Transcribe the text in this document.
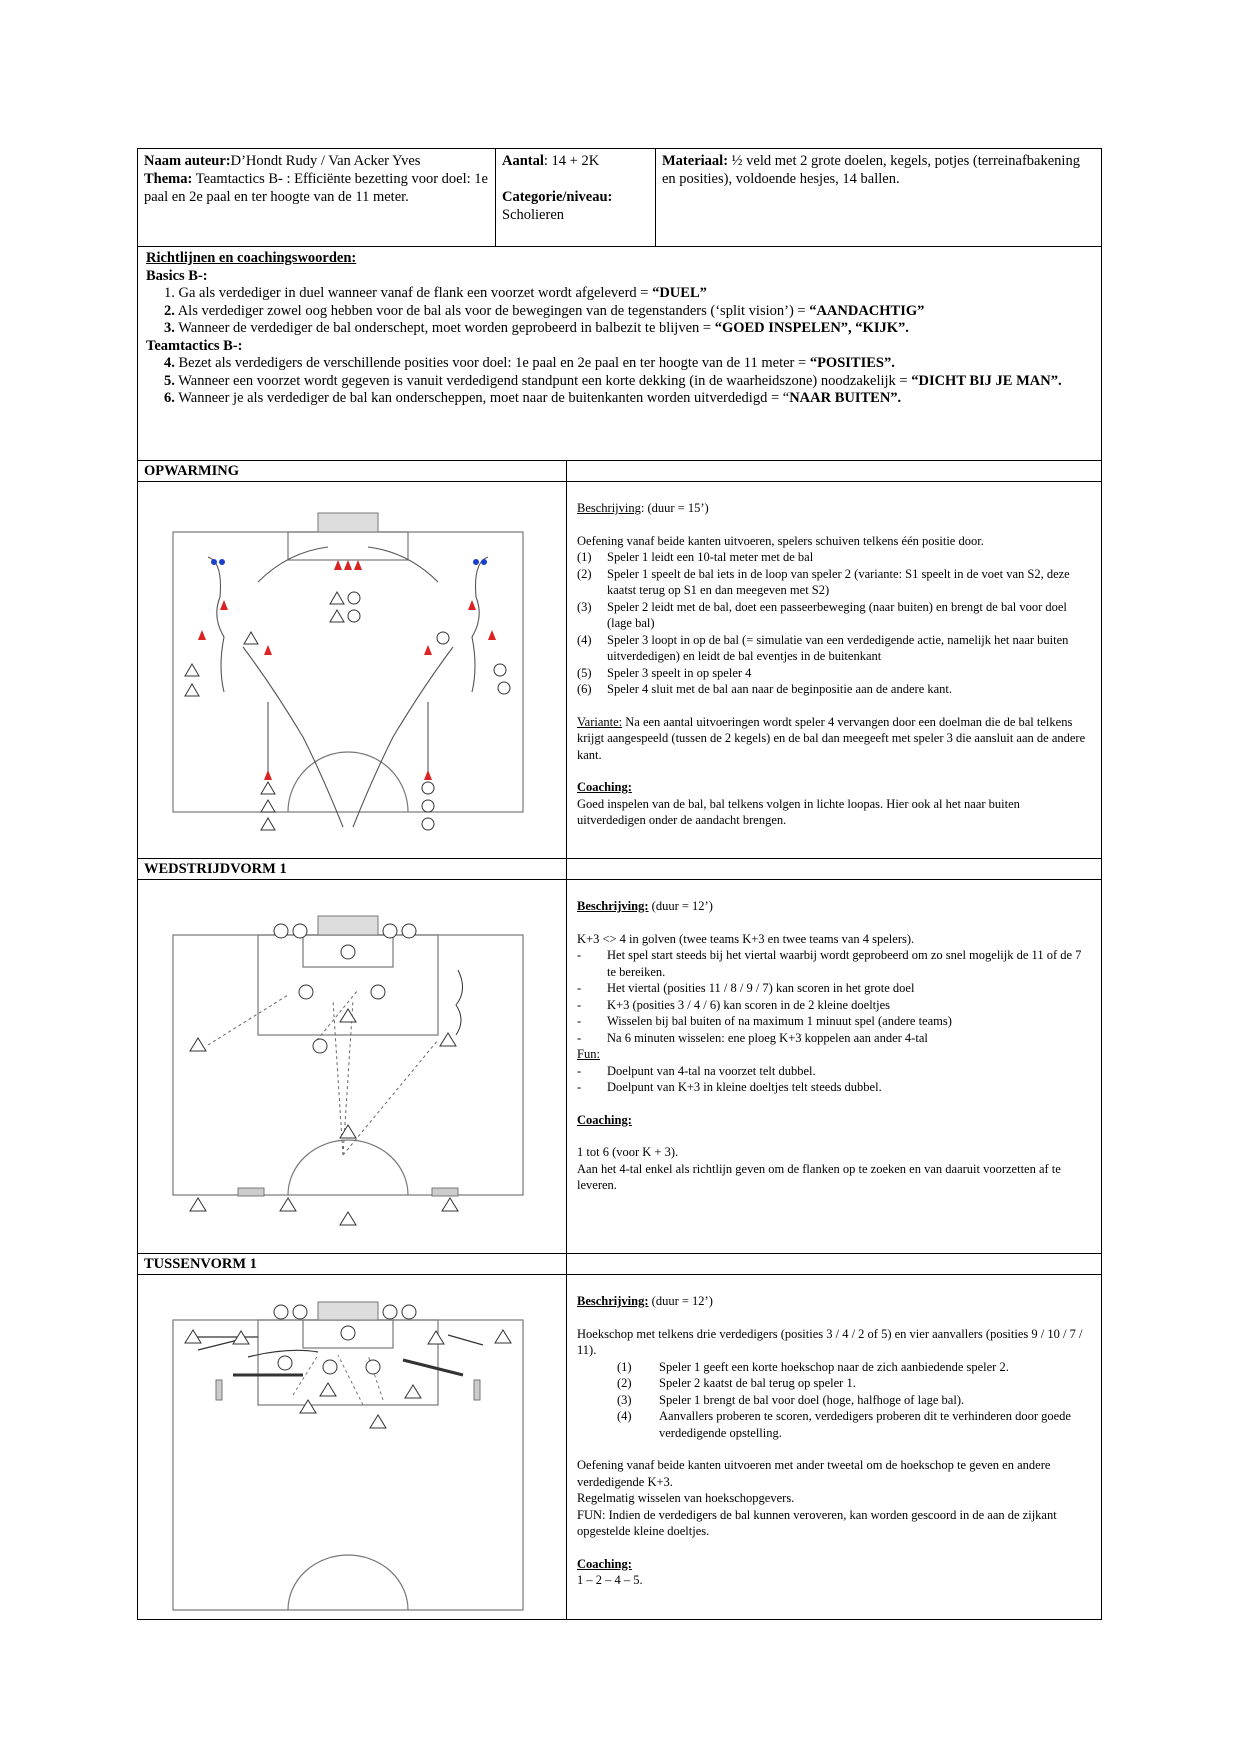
Naam auteur:D’Hondt Rudy / Van Acker Yves
Thema: Teamtactics B- : Efficiënte bezetting voor doel: 1e paal en 2e paal en ter hoogte van de 11 meter.
Aantal: 14 + 2K

Categorie/niveau:
Scholieren
Materiaal: ½ veld met 2 grote doelen, kegels, potjes (terreinafbakening en posities), voldoende hesjes, 14 ballen.
Richtlijnen en coachingswoorden:
Basics B-:
1. Ga als verdediger in duel wanneer vanaf de flank een voorzet wordt afgeleverd = “DUEL”
2. Als verdediger zowel oog hebben voor de bal als voor de bewegingen van de tegenstanders (‘split vision’) = “AANDACHTIG”
3. Wanneer de verdediger de bal onderschept, moet worden geprobeerd in balbezit te blijven = “GOED INSPELEN”, “KIJK”.
Teamtactics B-:
4. Bezet als verdedigers de verschillende posities voor doel: 1e paal en 2e paal en ter hoogte van de 11 meter = “POSITIES”.
5. Wanneer een voorzet wordt gegeven is vanuit verdedigend standpunt een korte dekking (in de waarheidszone) noodzakelijk = “DICHT BIJ JE MAN”.
6. Wanneer je als verdediger de bal kan onderscheppen, moet naar de buitenkanten worden uitverdedigd = “NAAR BUITEN”.
OPWARMING

Beschrijving: (duur = 15’)

Oefening vanaf beide kanten uitvoeren, spelers schuiven telkens één positie door.

(1)	Speler 1 leidt een 10-tal meter met de bal
(2)	Speler 1 speelt de bal iets in de loop van speler 2 (variante: S1 speelt in de voet van S2, deze kaatst terug op S1 en dan meegeven met S2)
(3)	Speler 2 leidt met de bal, doet een passeerbeweging (naar buiten) en brengt de bal voor doel (lage bal)
(4)	Speler 3 loopt in op de bal (= simulatie van een verdedigende actie, namelijk het naar buiten uitverdedigen) en leidt de bal eventjes in de buitenkant
(5)	Speler 3 speelt in op speler 4
(6)	Speler 4 sluit met de bal aan naar de beginpositie aan de andere kant.

Variante: Na een aantal uitvoeringen wordt speler 4 vervangen door een doelman die de bal telkens krijgt aangespeeld (tussen de 2 kegels) en de bal dan meegeeft met speler 3 die aansluit aan de andere kant.

Coaching:

Goed inspelen van de bal, bal telkens volgen in lichte loopas. Hier ook al het naar buiten uitverdedigen onder de aandacht brengen.

WEDSTRIJDVORM 1

Beschrijving: (duur = 12’)

K+3 <> 4 in golven (twee teams K+3 en twee teams van 4 spelers).

-	Het spel start steeds bij het viertal waarbij wordt geprobeerd om zo snel mogelijk de 11 of de 7 te bereiken.
-	Het viertal (posities 11 / 8 / 9 / 7) kan scoren in het grote doel
-	K+3 (posities 3 / 4 / 6) kan scoren in de 2 kleine doeltjes
-	Wisselen bij bal buiten of na maximum 1 minuut spel (andere teams)
-	Na 6 minuten wisselen: ene ploeg K+3 koppelen aan ander 4-tal

Fun:

-	Doelpunt van 4-tal na voorzet telt dubbel.
-	Doelpunt van K+3 in kleine doeltjes telt steeds dubbel.

Coaching:

1 tot 6 (voor K + 3).

Aan het 4-tal enkel als richtlijn geven om de flanken op te zoeken en van daaruit voorzetten af te leveren.

TUSSENVORM 1

Beschrijving: (duur = 12’)

Hoekschop met telkens drie verdedigers (posities 3 / 4 / 2 of 5) en vier aanvallers (posities 9 / 10 / 7 / 11).

(1)	Speler 1 geeft een korte hoekschop naar de zich aanbiedende speler 2.
(2)	Speler 2 kaatst de bal terug op speler 1.
(3)	Speler 1 brengt de bal voor doel (hoge, halfhoge of lage bal).
(4)	Aanvallers proberen te scoren, verdedigers proberen dit te verhinderen door goede verdedigende opstelling.

Oefening vanaf beide kanten uitvoeren met ander tweetal om de hoekschop te geven en andere verdedigende K+3.

Regelmatig wisselen van hoekschopgevers.

FUN: Indien de verdedigers de bal kunnen veroveren, kan worden gescoord in de aan de zijkant opgestelde kleine doeltjes.

Coaching:

1 – 2 – 4 – 5.
